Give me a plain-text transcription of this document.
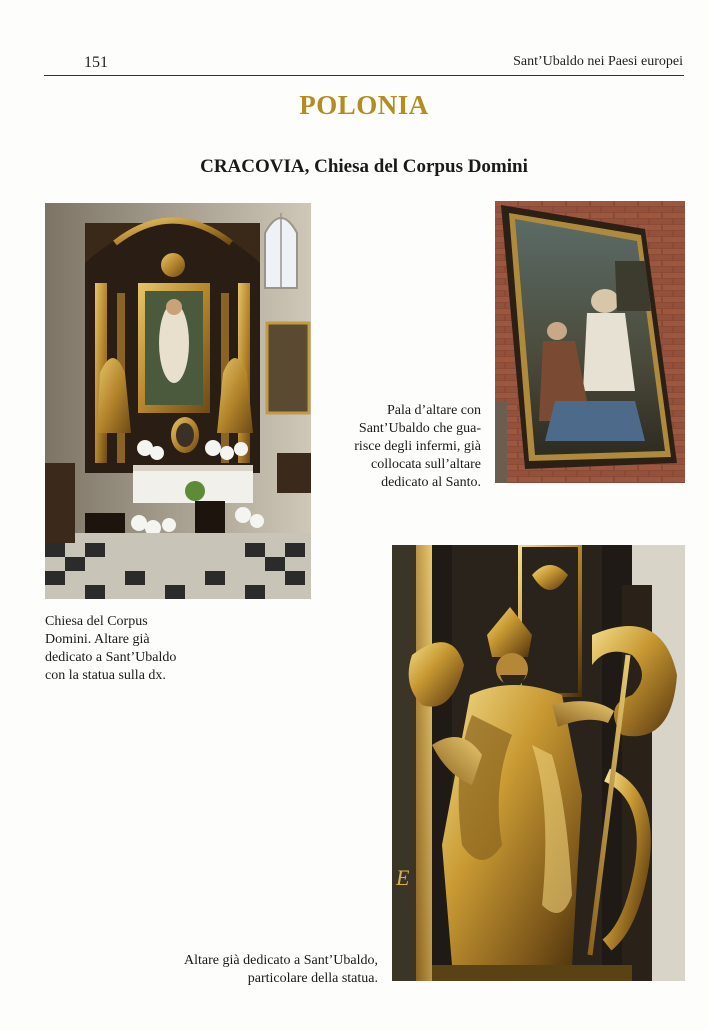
151	Sant’Ubaldo nei Paesi europei
POLONIA
CRACOVIA, Chiesa del Corpus Domini
E
Pala d’altare con
Sant’Ubaldo che gua-
risce degli infermi, già
collocata sull’altare
dedicato al Santo.
Chiesa del Corpus
Domini. Altare già
dedicato a Sant’Ubaldo
con la statua sulla dx.
Altare già dedicato a Sant’Ubaldo,
particolare della statua.
